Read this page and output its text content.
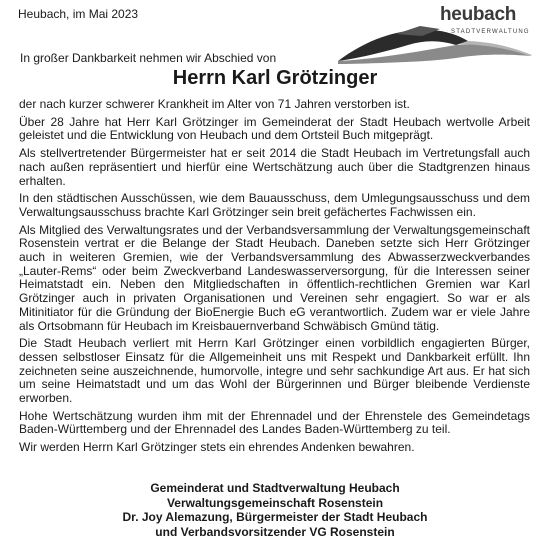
Heubach, im Mai 2023	heubach
STADTVERWALTUNG
In großer Dankbarkeit nehmen wir Abschied von
Herrn Karl Grötzinger

der nach kurzer schwerer Krankheit im Alter von 71 Jahren verstorben ist.

Über 28 Jahre hat Herr Karl Grötzinger im Gemeinderat der Stadt Heubach wertvolle Arbeit geleistet und die Entwicklung von Heubach und dem Ortsteil Buch mitgeprägt.

Als stellvertretender Bürgermeister hat er seit 2014 die Stadt Heubach im Vertretungsfall auch nach außen repräsentiert und hierfür eine Wertschätzung auch über die Stadtgrenzen hinaus erhalten.

In den städtischen Ausschüssen, wie dem Bauausschuss, dem Umlegungsausschuss und dem Verwaltungsausschuss brachte Karl Grötzinger sein breit gefächertes Fachwissen ein.

Als Mitglied des Verwaltungsrates und der Verbandsversammlung der Verwaltungsgemeinschaft Rosenstein vertrat er die Belange der Stadt Heubach. Daneben setzte sich Herr Grötzinger auch in weiteren Gremien, wie der Verbandsversammlung des Abwasserzweckverbandes „Lauter-Rems“ oder beim Zweckverband Landeswasserversorgung, für die Interessen seiner Heimatstadt ein. Neben den Mitgliedschaften in öffentlich-rechtlichen Gremien war Karl Grötzinger auch in privaten Organisationen und Vereinen sehr engagiert. So war er als Mitinitiator für die Gründung der BioEnergie Buch eG verantwortlich. Zudem war er viele Jahre als Ortsobmann für Heubach im Kreisbauernverband Schwäbisch Gmünd tätig.

Die Stadt Heubach verliert mit Herrn Karl Grötzinger einen vorbildlich engagierten Bürger, dessen selbstloser Einsatz für die Allgemeinheit uns mit Respekt und Dankbarkeit erfüllt. Ihn zeichneten seine auszeichnende, humorvolle, integre und sehr sachkundige Art aus. Er hat sich um seine Heimatstadt und um das Wohl der Bürgerinnen und Bürger bleibende Verdienste erworben.

Hohe Wertschätzung wurden ihm mit der Ehrennadel und der Ehrenstele des Gemeindetags Baden-Württemberg und der Ehrennadel des Landes Baden-Württemberg zu teil.

Wir werden Herrn Karl Grötzinger stets ein ehrendes Andenken bewahren.

Gemeinderat und Stadtverwaltung Heubach
Verwaltungsgemeinschaft Rosenstein
Dr. Joy Alemazung, Bürgermeister der Stadt Heubach
und Verbandsvorsitzender VG Rosenstein
